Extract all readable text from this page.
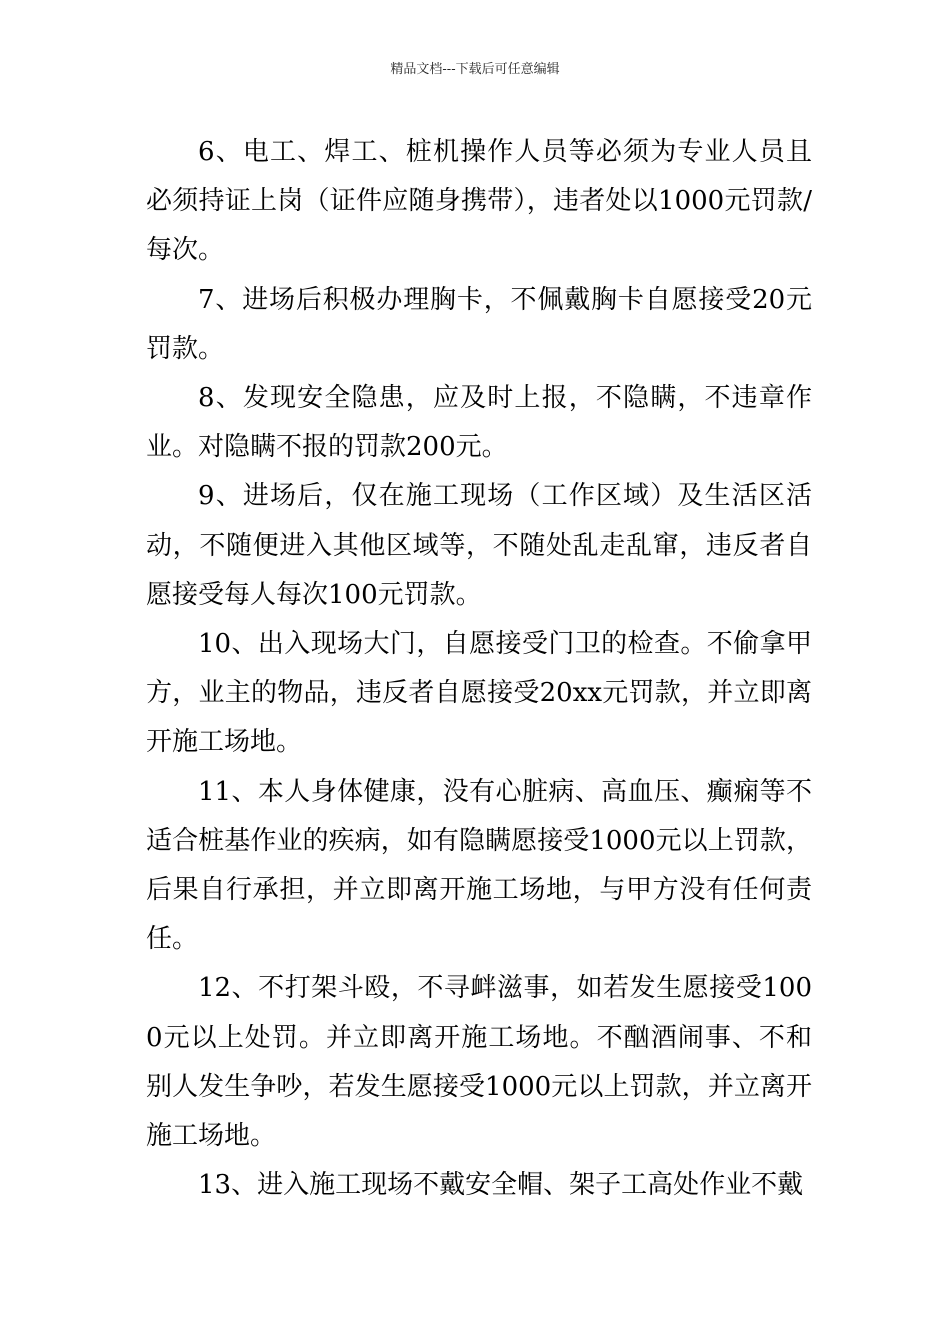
精品文档---下载后可任意编辑

6、电工、焊工、桩机操作人员等必须为专业人员且必须持证上岗（证件应随身携带），违者处以1000元罚款/每次。

7、进场后积极办理胸卡，不佩戴胸卡自愿接受20元罚款。

8、发现安全隐患，应及时上报，不隐瞒，不违章作业。对隐瞒不报的罚款200元。

9、进场后，仅在施工现场（工作区域）及生活区活动，不随便进入其他区域等，不随处乱走乱窜，违反者自愿接受每人每次100元罚款。

10、出入现场大门，自愿接受门卫的检查。不偷拿甲方，业主的物品，违反者自愿接受20xx元罚款，并立即离开施工场地。

11、本人身体健康，没有心脏病、高血压、癫痫等不适合桩基作业的疾病，如有隐瞒愿接受1000元以上罚款，后果自行承担，并立即离开施工场地，与甲方没有任何责任。

12、不打架斗殴，不寻衅滋事，如若发生愿接受1000元以上处罚。并立即离开施工场地。不酗酒闹事、不和别人发生争吵，若发生愿接受1000元以上罚款，并立离开施工场地。

13、进入施工现场不戴安全帽、架子工高处作业不戴
